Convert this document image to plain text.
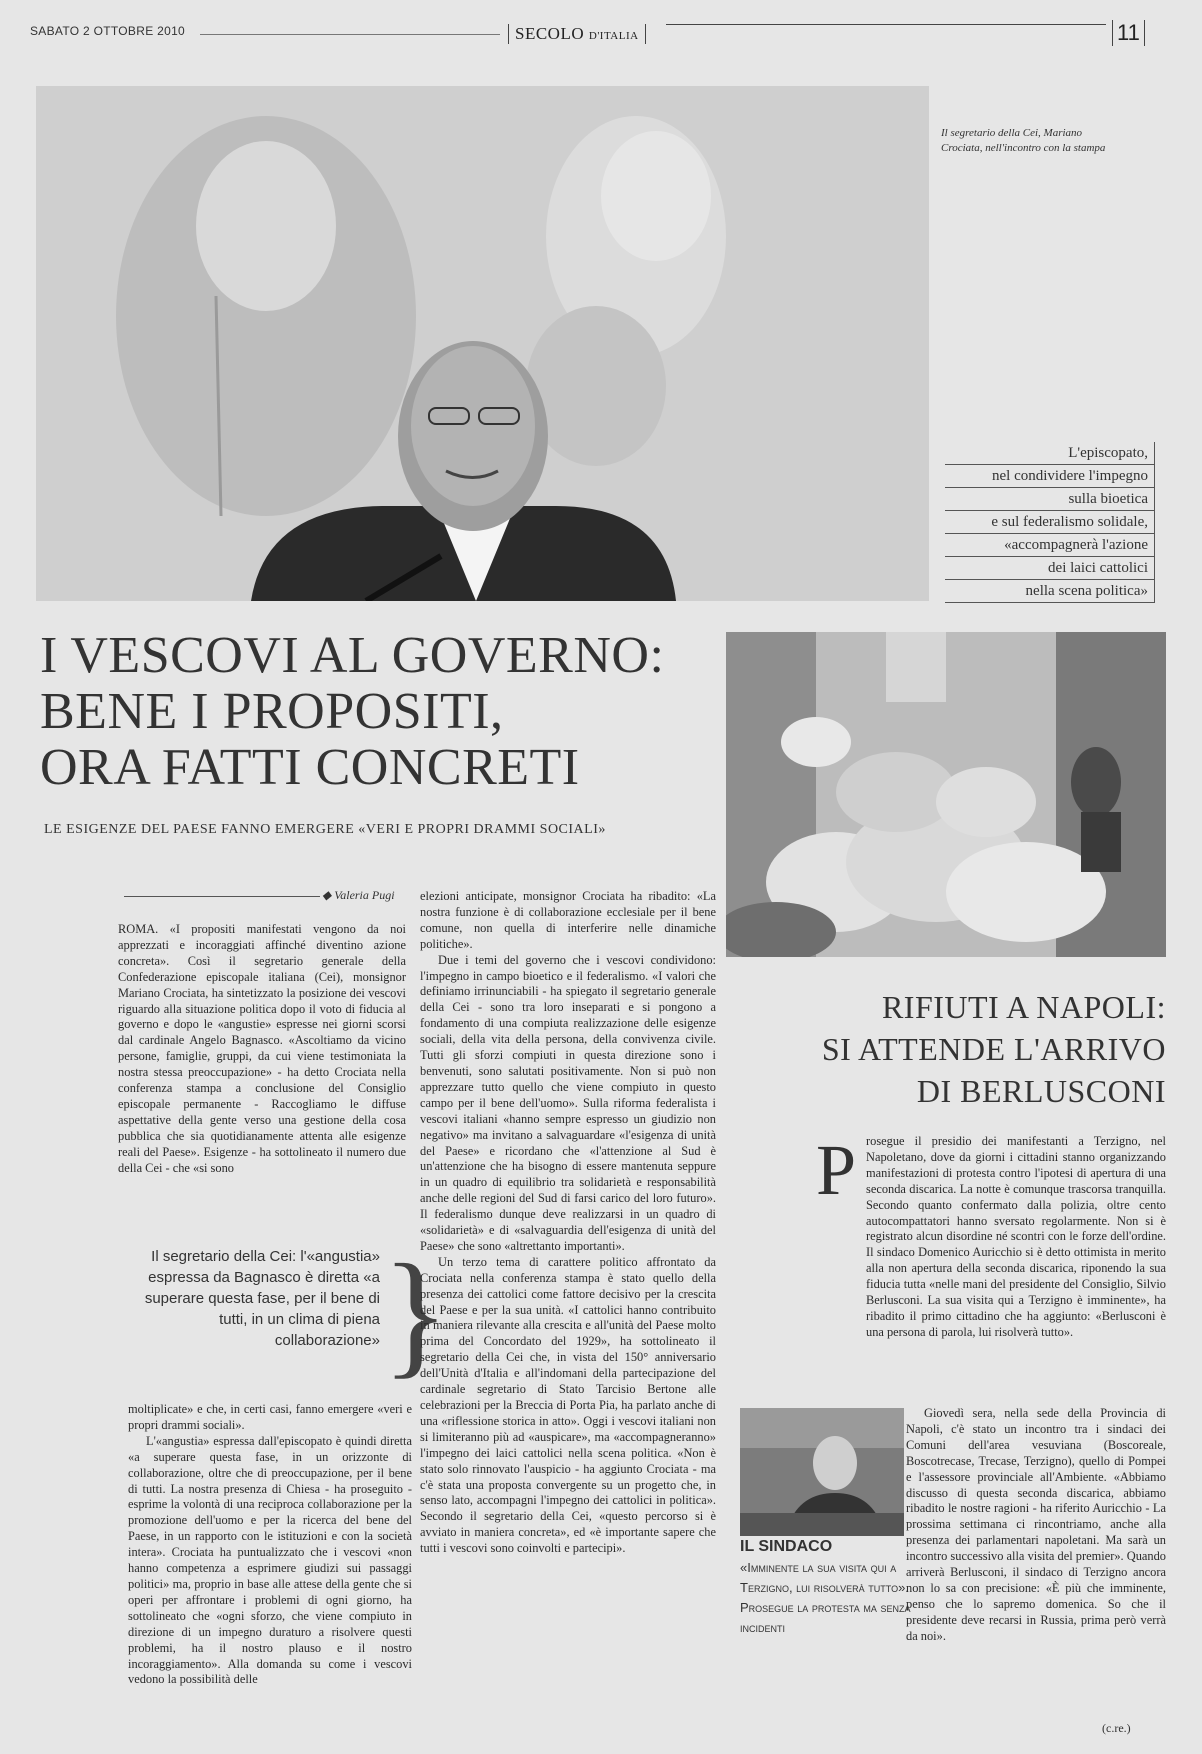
SABATO 2 OTTOBRE 2010	SECOLO D'ITALIA	11
Il segretario della Cei, Mariano Crociata, nell'incontro con la stampa
L'episcopato,
nel condividere l'impegno
sulla bioetica
e sul federalismo solidale,
«accompagnerà l'azione
dei laici cattolici
nella scena politica»
I VESCOVI AL GOVERNO:
BENE I PROPOSITI,
ORA FATTI CONCRETI
LE ESIGENZE DEL PAESE FANNO EMERGERE «VERI E PROPRI DRAMMI SOCIALI»
◆ Valeria Pugi

ROMA. «I propositi manifestati vengono da noi apprezzati e incoraggiati affinché diventino azione concreta». Così il segretario generale della Confederazione episcopale italiana (Cei), monsignor Mariano Crociata, ha sintetizzato la posizione dei vescovi riguardo alla situazione politica dopo il voto di fiducia al governo e dopo le «angustie» espresse nei giorni scorsi dal cardinale Angelo Bagnasco. «Ascoltiamo da vicino persone, famiglie, gruppi, da cui viene testimoniata la nostra stessa preoccupazione» - ha detto Crociata nella conferenza stampa a conclusione del Consiglio episcopale permanente - Raccogliamo le diffuse aspettative della gente verso una gestione della cosa pubblica che sia quotidianamente attenta alle esigenze reali del Paese». Esigenze - ha sottolineato il numero due della Cei - che «si sono

Il segretario della Cei: l'«angustia» espressa da Bagnasco è diretta «a superare questa fase, per il bene di tutti, in un clima di piena collaborazione» }

moltiplicate» e che, in certi casi, fanno emergere «veri e propri drammi sociali».

L'«angustia» espressa dall'episcopato è quindi diretta «a superare questa fase, in un orizzonte di collaborazione, oltre che di preoccupazione, per il bene di tutti. La nostra presenza di Chiesa - ha proseguito - esprime la volontà di una reciproca collaborazione per la promozione dell'uomo e per la ricerca del bene del Paese, in un rapporto con le istituzioni e con la società intera». Crociata ha puntualizzato che i vescovi «non hanno competenza a esprimere giudizi sui passaggi politici» ma, proprio in base alle attese della gente che si operi per affrontare i problemi di ogni giorno, ha sottolineato che «ogni sforzo, che viene compiuto in direzione di un impegno duraturo a risolvere questi problemi, ha il nostro plauso e il nostro incoraggiamento». Alla domanda su come i vescovi vedono la possibilità delle

elezioni anticipate, monsignor Crociata ha ribadito: «La nostra funzione è di collaborazione ecclesiale per il bene comune, non quella di interferire nelle dinamiche politiche».

Due i temi del governo che i vescovi condividono: l'impegno in campo bioetico e il federalismo. «I valori che definiamo irrinunciabili - ha spiegato il segretario generale della Cei - sono tra loro inseparati e si pongono a fondamento di una compiuta realizzazione delle esigenze sociali, della vita della persona, della convivenza civile. Tutti gli sforzi compiuti in questa direzione sono i benvenuti, sono salutati positivamente. Non si può non apprezzare tutto quello che viene compiuto in questo campo per il bene dell'uomo». Sulla riforma federalista i vescovi italiani «hanno sempre espresso un giudizio non negativo» ma invitano a salvaguardare «l'esigenza di unità del Paese» e ricordano che «l'attenzione al Sud è un'attenzione che ha bisogno di essere mantenuta seppure in un quadro di equilibrio tra solidarietà e responsabilità anche delle regioni del Sud di farsi carico del loro futuro». Il federalismo dunque deve realizzarsi in un quadro di «solidarietà» e di «salvaguardia dell'esigenza di unità del Paese» che sono «altrettanto importanti».

Un terzo tema di carattere politico affrontato da Crociata nella conferenza stampa è stato quello della presenza dei cattolici come fattore decisivo per la crescita del Paese e per la sua unità. «I cattolici hanno contribuito in maniera rilevante alla crescita e all'unità del Paese molto prima del Concordato del 1929», ha sottolineato il segretario della Cei che, in vista del 150° anniversario dell'Unità d'Italia e all'indomani della partecipazione del cardinale segretario di Stato Tarcisio Bertone alle celebrazioni per la Breccia di Porta Pia, ha parlato anche di una «riflessione storica in atto». Oggi i vescovi italiani non si limiteranno più ad «auspicare», ma «accompagneranno» l'impegno dei laici cattolici nella scena politica. «Non è stato solo rinnovato l'auspicio - ha aggiunto Crociata - ma c'è stata una proposta convergente su un progetto che, in senso lato, accompagni l'impegno dei cattolici in politica». Secondo il segretario della Cei, «questo percorso si è avviato in maniera concreta», ed «è importante sapere che tutti i vescovi sono coinvolti e partecipi».

RIFIUTI A NAPOLI:
SI ATTENDE L'ARRIVO
DI BERLUSCONI
P rosegue il presidio dei manifestanti a Terzigno, nel Napoletano, dove da giorni i cittadini stanno organizzando manifestazioni di protesta contro l'ipotesi di apertura di una seconda discarica. La notte è comunque trascorsa tranquilla. Secondo quanto confermato dalla polizia, oltre cento autocompattatori hanno sversato regolarmente. Non si è registrato alcun disordine né scontri con le forze dell'ordine. Il sindaco Domenico Auricchio si è detto ottimista in merito alla non apertura della seconda discarica, riponendo la sua fiducia tutta «nelle mani del presidente del Consiglio, Silvio Berlusconi. La sua visita qui a Terzigno è imminente», ha ribadito il primo cittadino che ha aggiunto: «Berlusconi è una persona di parola, lui risolverà tutto».

IL SINDACO
«Imminente la sua visita qui a Terzigno, lui risolverà tutto». Prosegue la protesta ma senza incidenti

Giovedì sera, nella sede della Provincia di Napoli, c'è stato un incontro tra i sindaci dei Comuni dell'area vesuviana (Boscoreale, Boscotrecase, Trecase, Terzigno), quello di Pompei e l'assessore provinciale all'Ambiente. «Abbiamo discusso di questa seconda discarica, abbiamo ribadito le nostre ragioni - ha riferito Auricchio - La prossima settimana ci rincontriamo, anche alla presenza dei parlamentari napoletani. Ma sarà un incontro successivo alla visita del premier». Quando arriverà Berlusconi, il sindaco di Terzigno ancora non lo sa con precisione: «È più che imminente, penso che lo sapremo domenica. So che il presidente deve recarsi in Russia, prima però verrà da noi».

(c.re.)
